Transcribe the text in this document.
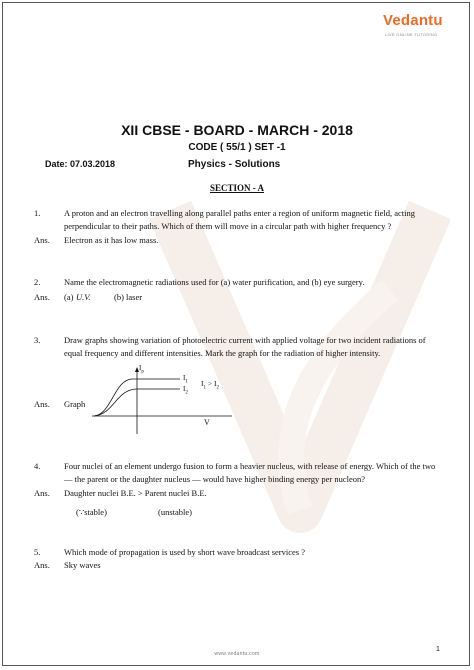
Vedantu
LIVE ONLINE TUTORING
XII CBSE - BOARD - MARCH - 2018
CODE ( 55/1 ) SET -1
Date: 07.03.2018	Physics - Solutions
SECTION - A
1.	A proton and an electron travelling along parallel paths enter a region of uniform magnetic field, acting
perpendicular to their paths. Which of them will move in a circular path with higher frequency ?
Ans. Electron as it has low mass.
2.	Name the electromagnetic radiations used for (a) water purification, and (b) eye surgery.
Ans. (a) U.V.	(b) laser
3.	Draw graphs showing variation of photoelectric current with applied voltage for two incident radiations of
equal frequency and different intensities. Mark the graph for the radiation of higher intensity.
$I_p$
$I_1$
$I_2$
$I_1 > I_2$
V
Ans. Graph
4.	Four nuclei of an element undergo fusion to form a heavier nucleus, with release of energy. Which of the two
— the parent or the daughter nucleus — would have higher binding energy per nucleon?
Ans. Daughter nuclei B.E. > Parent nuclei B.E.
(∵stable)	(unstable)
5.	Which mode of propagation is used by short wave broadcast services ?
Ans. Sky waves
www.vedantu.com
1
